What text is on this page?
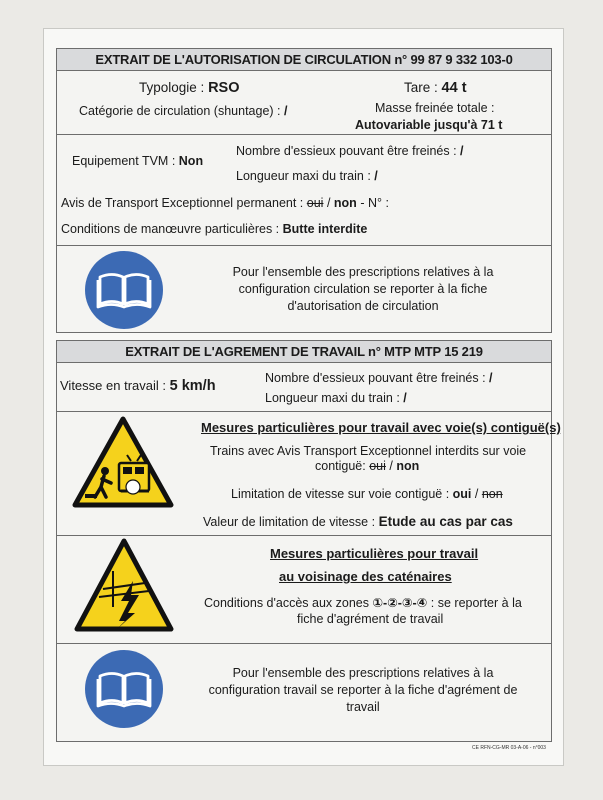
EXTRAIT DE L'AUTORISATION DE CIRCULATION n° 99 87 9 332 103-0
Typologie : RSO	Tare : 44 t
Catégorie de circulation (shuntage) : /	Masse freinée totale :
Autovariable jusqu'à 71 t
Nombre d'essieux pouvant être freinés : /
Equipement TVM : Non
Longueur maxi du train : /
Avis de Transport Exceptionnel permanent : oui / non - N° :
Conditions de manœuvre particulières : Butte interdite
Pour l'ensemble des prescriptions relatives à la
configuration circulation se reporter à la fiche
d'autorisation de circulation
EXTRAIT DE L'AGREMENT DE TRAVAIL n° MTP MTP 15 219
Vitesse en travail : 5 km/h	Nombre d'essieux pouvant être freinés : /
Longueur maxi du train : /
Mesures particulières pour travail avec voie(s) contiguë(s)
Trains avec Avis Transport Exceptionnel interdits sur voie
contiguë: oui / non
Limitation de vitesse sur voie contiguë : oui / non
Valeur de limitation de vitesse : Etude au cas par cas
Mesures particulières pour travail
au voisinage des caténaires
Conditions d'accès aux zones ①-②-③-④ : se reporter à la
fiche d'agrément de travail
Pour l'ensemble des prescriptions relatives à la
configuration travail se reporter à la fiche d'agrément de
travail
CE RFN-CG-MR 03-A-06 - n°003
